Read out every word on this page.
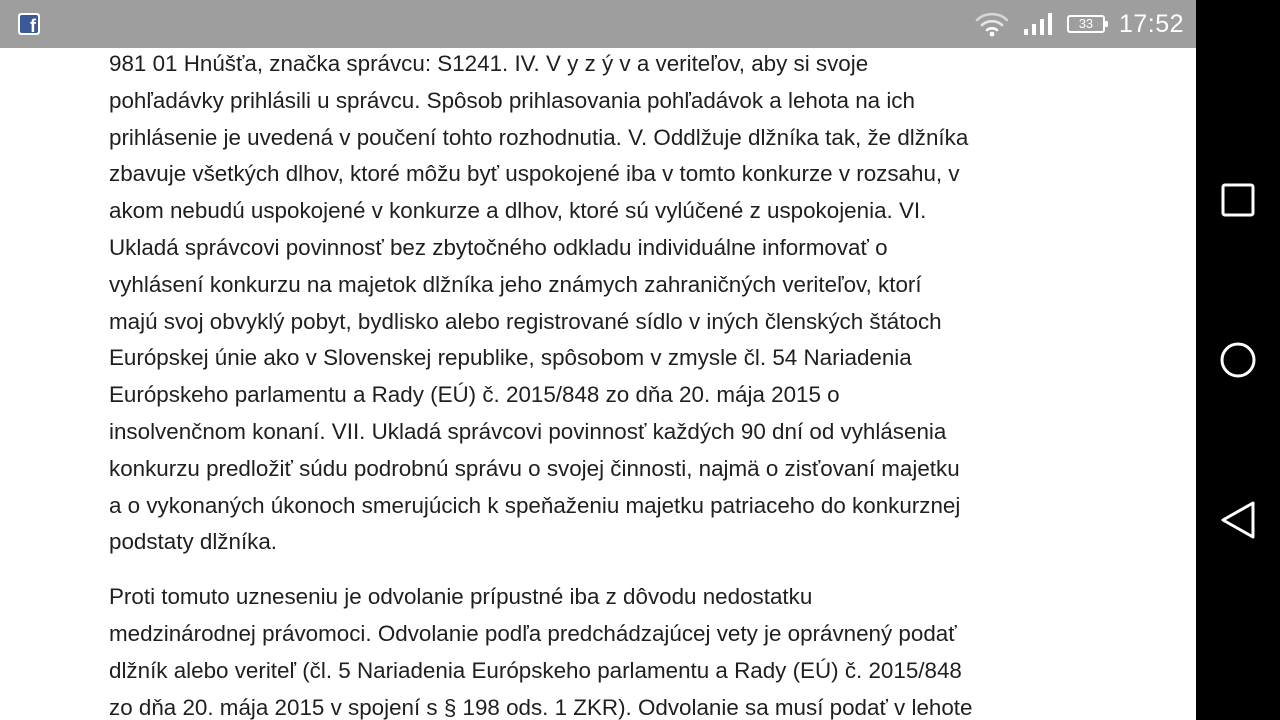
f	33 17:52
981 01 Hnúšťa, značka správcu: S1241. IV. V y z ý v a veriteľov, aby si svoje
pohľadávky prihlásili u správcu. Spôsob prihlasovania pohľadávok a lehota na ich
prihlásenie je uvedená v poučení tohto rozhodnutia. V. Oddlžuje dlžníka tak, že dlžníka
zbavuje všetkých dlhov, ktoré môžu byť uspokojené iba v tomto konkurze v rozsahu, v
akom nebudú uspokojené v konkurze a dlhov, ktoré sú vylúčené z uspokojenia. VI.
Ukladá správcovi povinnosť bez zbytočného odkladu individuálne informovať o
vyhlásení konkurzu na majetok dlžníka jeho známych zahraničných veriteľov, ktorí
majú svoj obvyklý pobyt, bydlisko alebo registrované sídlo v iných členských štátoch
Európskej únie ako v Slovenskej republike, spôsobom v zmysle čl. 54 Nariadenia
Európskeho parlamentu a Rady (EÚ) č. 2015/848 zo dňa 20. mája 2015 o
insolvenčnom konaní. VII. Ukladá správcovi povinnosť každých 90 dní od vyhlásenia
konkurzu predložiť súdu podrobnú správu o svojej činnosti, najmä o zisťovaní majetku
a o vykonaných úkonoch smerujúcich k speňaženiu majetku patriaceho do konkurznej
podstaty dlžníka.
Proti tomuto uzneseniu je odvolanie prípustné iba z dôvodu nedostatku
medzinárodnej právomoci. Odvolanie podľa predchádzajúcej vety je oprávnený podať
dlžník alebo veriteľ (čl. 5 Nariadenia Európskeho parlamentu a Rady (EÚ) č. 2015/848
zo dňa 20. mája 2015 v spojení s § 198 ods. 1 ZKR). Odvolanie sa musí podať v lehote
